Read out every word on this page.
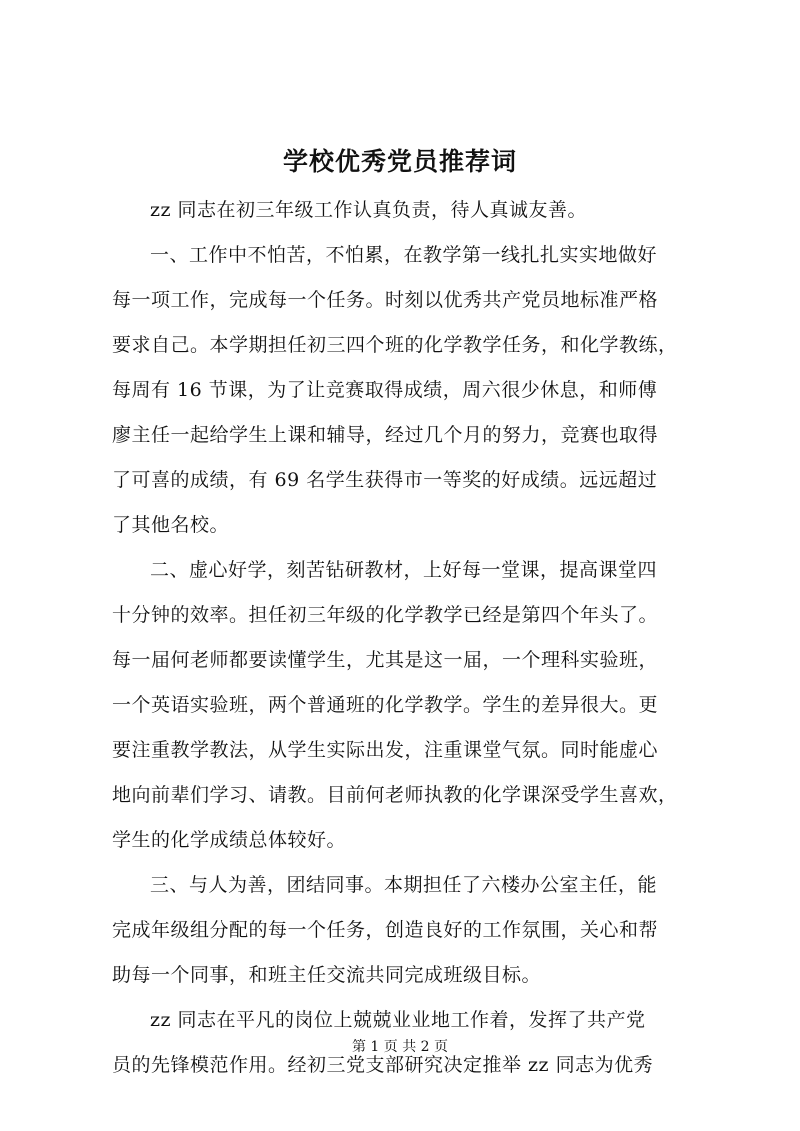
学校优秀党员推荐词
zz 同志在初三年级工作认真负责，待人真诚友善。
一、工作中不怕苦，不怕累，在教学第一线扎扎实实地做好
每一项工作，完成每一个任务。时刻以优秀共产党员地标准严格
要求自己。本学期担任初三四个班的化学教学任务，和化学教练，
每周有 16 节课，为了让竞赛取得成绩，周六很少休息，和师傅
廖主任一起给学生上课和辅导，经过几个月的努力，竞赛也取得
了可喜的成绩，有 69 名学生获得市一等奖的好成绩。远远超过
了其他名校。
二、虚心好学，刻苦钻研教材，上好每一堂课，提高课堂四
十分钟的效率。担任初三年级的化学教学已经是第四个年头了。
每一届何老师都要读懂学生，尤其是这一届，一个理科实验班，
一个英语实验班，两个普通班的化学教学。学生的差异很大。更
要注重教学教法，从学生实际出发，注重课堂气氛。同时能虚心
地向前辈们学习、请教。目前何老师执教的化学课深受学生喜欢，
学生的化学成绩总体较好。
三、与人为善，团结同事。本期担任了六楼办公室主任，能
完成年级组分配的每一个任务，创造良好的工作氛围，关心和帮
助每一个同事，和班主任交流共同完成班级目标。
zz 同志在平凡的岗位上兢兢业业地工作着，发挥了共产党
员的先锋模范作用。经初三党支部研究决定推举 zz 同志为优秀
第 1 页 共 2 页
